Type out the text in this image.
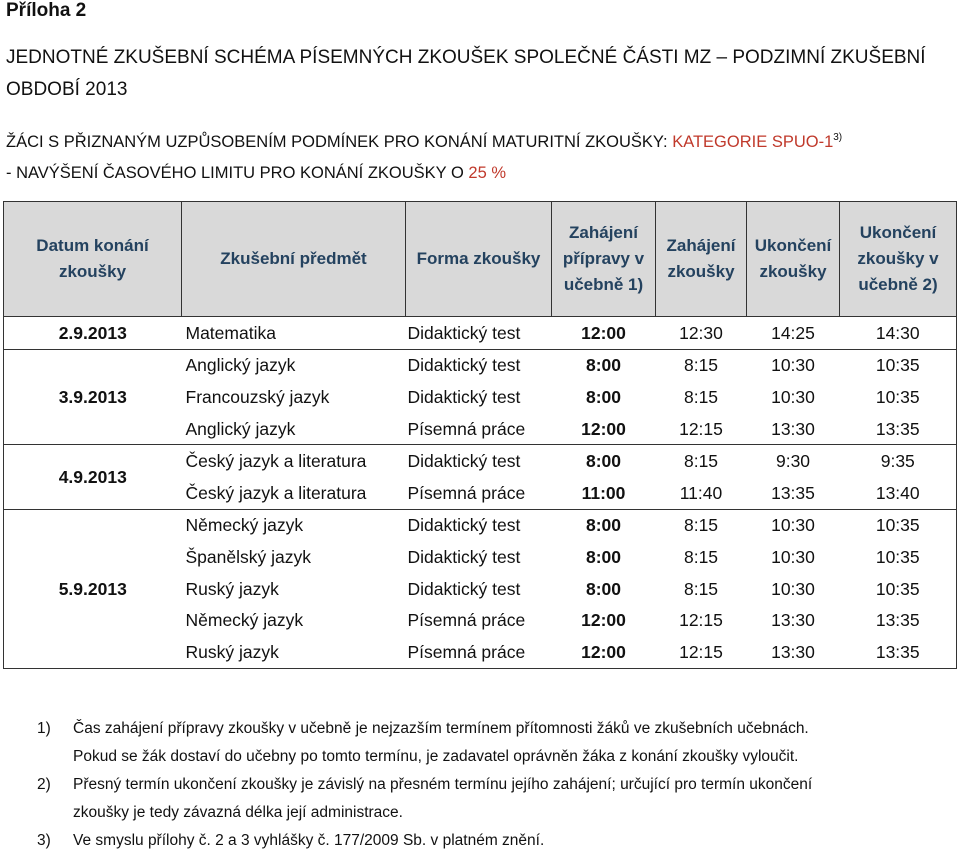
Příloha 2
JEDNOTNÉ ZKUŠEBNÍ SCHÉMA PÍSEMNÝCH ZKOUŠEK SPOLEČNÉ ČÁSTI MZ – PODZIMNÍ ZKUŠEBNÍ OBDOBÍ 2013
ŽÁCI S PŘIZNANÝM UZPŮSOBENÍM PODMÍNEK PRO KONÁNÍ MATURITNÍ ZKOUŠKY: KATEGORIE SPUO-1$^{3)}$
- NAVÝŠENÍ ČASOVÉHO LIMITU PRO KONÁNÍ ZKOUŠKY O 25 %
Datum konání zkoušky	Zkušební předmět	Forma zkoušky	Zahájení přípravy v učebně 1)	Zahájení zkoušky	Ukončení zkoušky	Ukončení zkoušky v učebně 2)
2.9.2013	Matematika	Didaktický test	12:00	12:30	14:25	14:30
3.9.2013	Anglický jazyk	Didaktický test	8:00	8:15	10:30	10:35
	Francouzský jazyk	Didaktický test	8:00	8:15	10:30	10:35
	Anglický jazyk	Písemná práce	12:00	12:15	13:30	13:35
4.9.2013	Český jazyk a literatura	Didaktický test	8:00	8:15	9:30	9:35
	Český jazyk a literatura	Písemná práce	11:00	11:40	13:35	13:40
5.9.2013	Německý jazyk	Didaktický test	8:00	8:15	10:30	10:35
	Španělský jazyk	Didaktický test	8:00	8:15	10:30	10:35
	Ruský jazyk	Didaktický test	8:00	8:15	10:30	10:35
	Německý jazyk	Písemná práce	12:00	12:15	13:30	13:35
	Ruský jazyk	Písemná práce	12:00	12:15	13:30	13:35
1) Čas zahájení přípravy zkoušky v učebně je nejzazším termínem přítomnosti žáků ve zkušebních učebnách.
Pokud se žák dostaví do učebny po tomto termínu, je zadavatel oprávněn žáka z konání zkoušky vyloučit.
2) Přesný termín ukončení zkoušky je závislý na přesném termínu jejího zahájení; určující pro termín ukončení
zkoušky je tedy závazná délka její administrace.
3) Ve smyslu přílohy č. 2 a 3 vyhlášky č. 177/2009 Sb. v platném znění.
